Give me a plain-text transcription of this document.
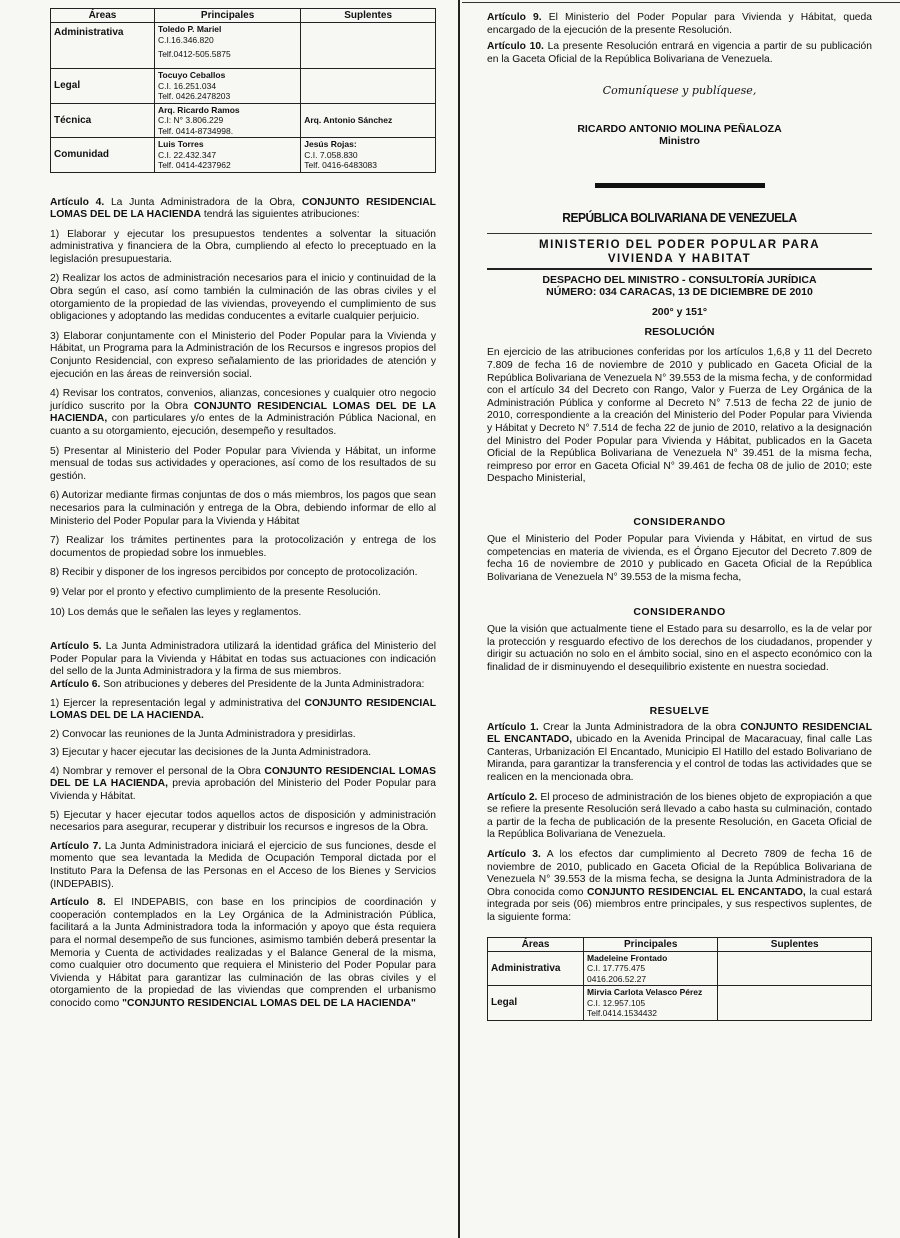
Áreas	Principales	Suplentes
Administrativa	Toledo P. Mariel
C.I.16.346.820
Telf.0412-505.5875	

Legal	Tocuyo Ceballos
C.I. 16.251.034
Telf. 0426.2478203	

Técnica	Arq. Ricardo Ramos
C.I: N° 3.806.229
Telf. 0414-8734998.	Arq. Antonio Sánchez

Comunidad	Luis Torres
C.I. 22.432.347
Telf. 0414-4237962	Jesús Rojas:
C.I. 7.058.830
Telf. 0416-6483083

Artículo 4. La Junta Administradora de la Obra, CONJUNTO RESIDENCIAL LOMAS DEL DE LA HACIENDA tendrá las siguientes atribuciones:

1) Elaborar y ejecutar los presupuestos tendentes a solventar la situación administrativa y financiera de la Obra, cumpliendo al efecto lo preceptuado en la legislación presupuestaria.

2) Realizar los actos de administración necesarios para el inicio y continuidad de la Obra según el caso, así como también la culminación de las obras civiles y el otorgamiento de la propiedad de las viviendas, proveyendo el cumplimiento de sus obligaciones y adoptando las medidas conducentes a evitarle cualquier perjuicio.

3) Elaborar conjuntamente con el Ministerio del Poder Popular para la Vivienda y Hábitat, un Programa para la Administración de los Recursos e ingresos propios del Conjunto Residencial, con expreso señalamiento de las prioridades de atención y ejecución en las áreas de reinversión social.

4) Revisar los contratos, convenios, alianzas, concesiones y cualquier otro negocio jurídico suscrito por la Obra CONJUNTO RESIDENCIAL LOMAS DEL DE LA HACIENDA, con particulares y/o entes de la Administración Pública Nacional, en cuanto a su otorgamiento, ejecución, desempeño y resultados.

5) Presentar al Ministerio del Poder Popular para Vivienda y Hábitat, un informe mensual de todas sus actividades y operaciones, así como de los resultados de su gestión.

6) Autorizar mediante firmas conjuntas de dos o más miembros, los pagos que sean necesarios para la culminación y entrega de la Obra, debiendo informar de ello al Ministerio del Poder Popular para la Vivienda y Hábitat

7) Realizar los trámites pertinentes para la protocolización y entrega de los documentos de propiedad sobre los inmuebles.

8) Recibir y disponer de los ingresos percibidos por concepto de protocolización.

9) Velar por el pronto y efectivo cumplimiento de la presente Resolución.

10) Los demás que le señalen las leyes y reglamentos.

Artículo 5. La Junta Administradora utilizará la identidad gráfica del Ministerio del Poder Popular para la Vivienda y Hábitat en todas sus actuaciones con indicación del sello de la Junta Administradora y la firma de sus miembros.

Artículo 6. Son atribuciones y deberes del Presidente de la Junta Administradora:

1) Ejercer la representación legal y administrativa del CONJUNTO RESIDENCIAL LOMAS DEL DE LA HACIENDA.

2) Convocar las reuniones de la Junta Administradora y presidirlas.

3) Ejecutar y hacer ejecutar las decisiones de la Junta Administradora.

4) Nombrar y remover el personal de la Obra CONJUNTO RESIDENCIAL LOMAS DEL DE LA HACIENDA, previa aprobación del Ministerio del Poder Popular para Vivienda y Hábitat.

5) Ejecutar y hacer ejecutar todos aquellos actos de disposición y administración necesarios para asegurar, recuperar y distribuir los recursos e ingresos de la Obra.

Artículo 7. La Junta Administradora iniciará el ejercicio de sus funciones, desde el momento que sea levantada la Medida de Ocupación Temporal dictada por el Instituto Para la Defensa de las Personas en el Acceso de los Bienes y Servicios (INDEPABIS).

Artículo 8. El INDEPABIS, con base en los principios de coordinación y cooperación contemplados en la Ley Orgánica de la Administración Pública, facilitará a la Junta Administradora toda la información y apoyo que ésta requiera para el normal desempeño de sus funciones, asimismo también deberá presentar la Memoria y Cuenta de actividades realizadas y el Balance General de la misma, como cualquier otro documento que requiera el Ministerio del Poder Popular para Vivienda y Hábitat para garantizar las culminación de las obras civiles y el otorgamiento de la propiedad de las viviendas que comprenden el urbanismo conocido como "CONJUNTO RESIDENCIAL LOMAS DEL DE LA HACIENDA"

Artículo 9. El Ministerio del Poder Popular para Vivienda y Hábitat, queda encargado de la ejecución de la presente Resolución.

Artículo 10. La presente Resolución entrará en vigencia a partir de su publicación en la Gaceta Oficial de la República Bolivariana de Venezuela.

Comuníquese y publíquese,
RICARDO ANTONIO MOLINA PEÑALOZA
Ministro
REPÚBLICA BOLIVARIANA DE VENEZUELA
MINISTERIO DEL PODER POPULAR PARA
VIVIENDA Y HABITAT
DESPACHO DEL MINISTRO - CONSULTORÍA JURÍDICA
NÚMERO: 034 CARACAS, 13 DE DICIEMBRE DE 2010
200° y 151°
RESOLUCIÓN

En ejercicio de las atribuciones conferidas por los artículos 1,6,8 y 11 del Decreto 7.809 de fecha 16 de noviembre de 2010 y publicado en Gaceta Oficial de la República Bolivariana de Venezuela N° 39.553 de la misma fecha, y de conformidad con el artículo 34 del Decreto con Rango, Valor y Fuerza de Ley Orgánica de la Administración Pública y conforme al Decreto N° 7.513 de fecha 22 de junio de 2010, correspondiente a la creación del Ministerio del Poder Popular para Vivienda y Hábitat y Decreto N° 7.514 de fecha 22 de junio de 2010, relativo a la designación del Ministro del Poder Popular para Vivienda y Hábitat, publicados en la Gaceta Oficial de la República Bolivariana de Venezuela N° 39.451 de la misma fecha, reimpreso por error en Gaceta Oficial N° 39.461 de fecha 08 de julio de 2010; este Despacho Ministerial,

CONSIDERANDO

Que el Ministerio del Poder Popular para Vivienda y Hábitat, en virtud de sus competencias en materia de vivienda, es el Órgano Ejecutor del Decreto 7.809 de fecha 16 de noviembre de 2010 y publicado en Gaceta Oficial de la República Bolivariana de Venezuela N° 39.553 de la misma fecha,

CONSIDERANDO

Que la visión que actualmente tiene el Estado para su desarrollo, es la de velar por la protección y resguardo efectivo de los derechos de los ciudadanos, propender y dirigir su actuación no solo en el ámbito social, sino en el aspecto económico con la finalidad de ir disminuyendo el desequilibrio existente en nuestra sociedad.

RESUELVE

Artículo 1. Crear la Junta Administradora de la obra CONJUNTO RESIDENCIAL EL ENCANTADO, ubicado en la Avenida Principal de Macaracuay, final calle Las Canteras, Urbanización El Encantado, Municipio El Hatillo del estado Bolivariano de Miranda, para garantizar la transferencia y el control de todas las actividades que se realicen en la mencionada obra.

Artículo 2. El proceso de administración de los bienes objeto de expropiación a que se refiere la presente Resolución será llevado a cabo hasta su culminación, contado a partir de la fecha de publicación de la presente Resolución, en Gaceta Oficial de la República Bolivariana de Venezuela.

Artículo 3. A los efectos dar cumplimiento al Decreto 7809 de fecha 16 de noviembre de 2010, publicado en Gaceta Oficial de la República Bolivariana de Venezuela N° 39.553 de la misma fecha, se designa la Junta Administradora de la Obra conocida como CONJUNTO RESIDENCIAL EL ENCANTADO, la cual estará integrada por seis (06) miembros entre principales, y sus respectivos suplentes, de la siguiente forma:

Áreas	Principales	Suplentes
Administrativa	Madeleine Frontado
C.I. 17.775.475
0416.206.52.27	

Legal	Mirvia Carlota Velasco Pérez
C.I. 12.957.105
Telf.0414.1534432	
